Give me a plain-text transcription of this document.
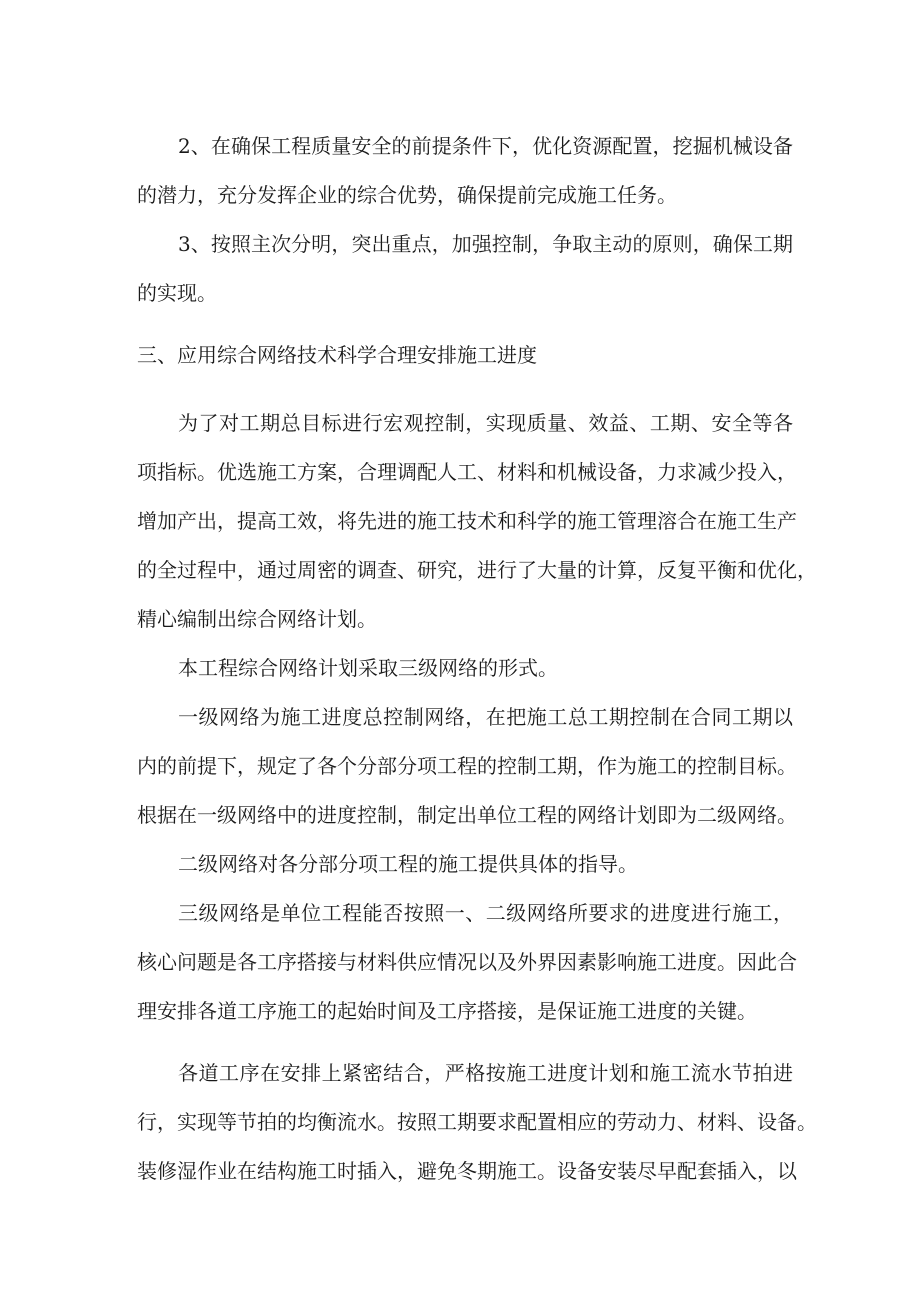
2、在确保工程质量安全的前提条件下，优化资源配置，挖掘机械设备
的潜力，充分发挥企业的综合优势，确保提前完成施工任务。
3、按照主次分明，突出重点，加强控制，争取主动的原则，确保工期
的实现。
三、应用综合网络技术科学合理安排施工进度
为了对工期总目标进行宏观控制，实现质量、效益、工期、安全等各
项指标。优选施工方案，合理调配人工、材料和机械设备，力求减少投入，
增加产出，提高工效，将先进的施工技术和科学的施工管理溶合在施工生产
的全过程中，通过周密的调查、研究，进行了大量的计算，反复平衡和优化，
精心编制出综合网络计划。
本工程综合网络计划采取三级网络的形式。
一级网络为施工进度总控制网络，在把施工总工期控制在合同工期以
内的前提下，规定了各个分部分项工程的控制工期，作为施工的控制目标。
根据在一级网络中的进度控制，制定出单位工程的网络计划即为二级网络。
二级网络对各分部分项工程的施工提供具体的指导。
三级网络是单位工程能否按照一、二级网络所要求的进度进行施工，
核心问题是各工序搭接与材料供应情况以及外界因素影响施工进度。因此合
理安排各道工序施工的起始时间及工序搭接，是保证施工进度的关键。
各道工序在安排上紧密结合，严格按施工进度计划和施工流水节拍进
行，实现等节拍的均衡流水。按照工期要求配置相应的劳动力、材料、设备。
装修湿作业在结构施工时插入，避免冬期施工。设备安装尽早配套插入，以
